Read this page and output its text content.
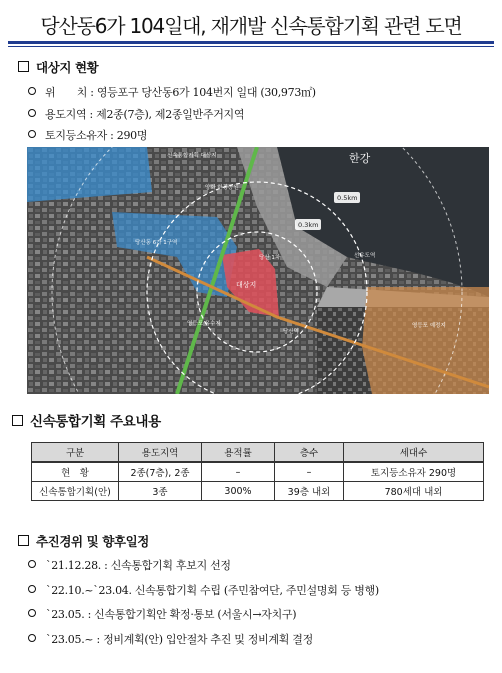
당산동6가 104일대, 재개발 신속통합기획 관련 도면
대상지 현황
위　　치 : 영등포구 당산동6가 104번지 일대 (30,973㎡)
용도지역 : 제2종(7층), 제2종일반주거지역
토지등소유자 : 290명
한강
0.5km
0.3km
대상지
선유도역
당산역
영등포 예정지
신속통합기획 대상지
당산동 6가 1구역
영등포 유수지
당산 1차
양화 한강공원
신속통합기획 주요내용
구분	용도지역	용적률	층수	세대수
현　황	2종(7층), 2종	–	–	토지등소유자 290명
신속통합기획(안)	3종	300%	39층 내외	780세대 내외
추진경위 및 향후일정
`21.12.28. : 신속통합기획 후보지 선정
`22.10.~`23.04. 신속통합기획 수립 (주민참여단, 주민설명회 등 병행)
`23.05. : 신속통합기획안 확정·통보 (서울시→자치구)
`23.05.~ : 정비계획(안) 입안절차 추진 및 정비계획 결정
